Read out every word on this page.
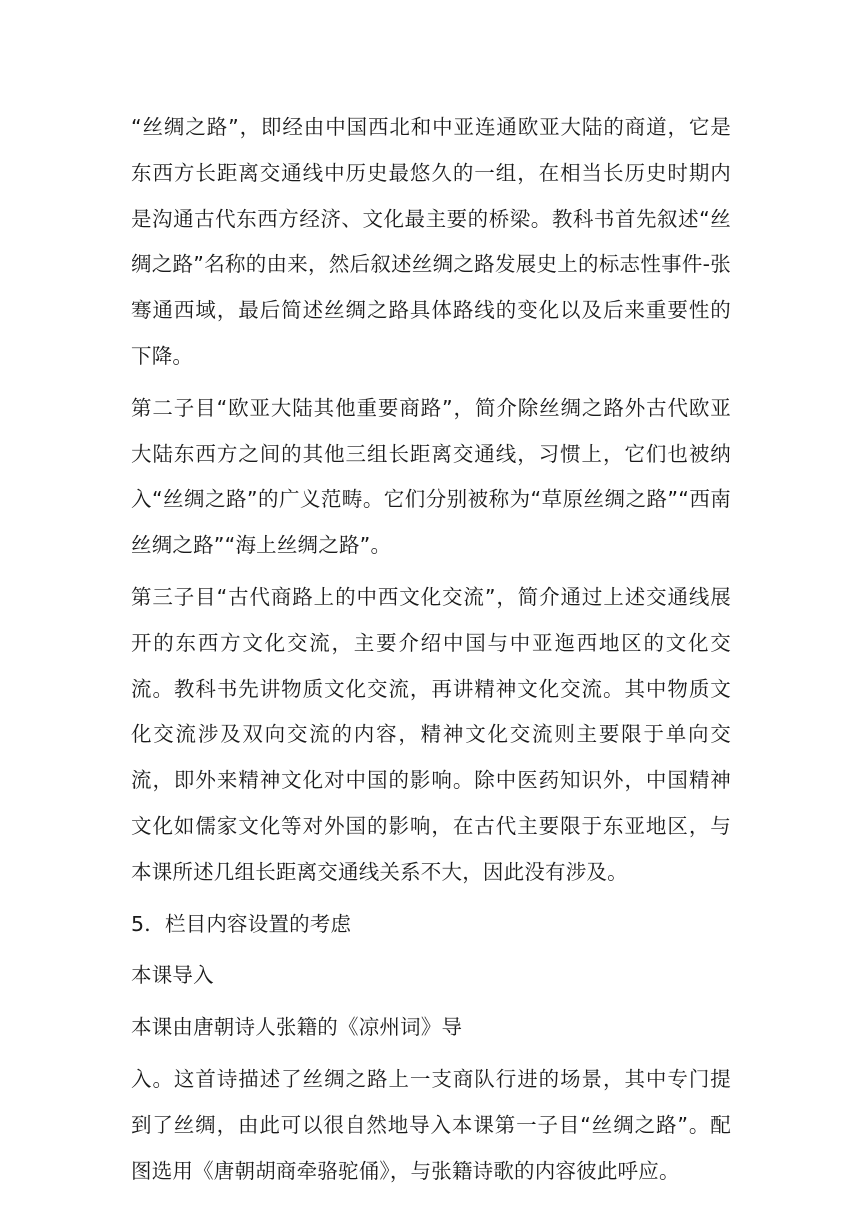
“丝绸之路”，即经由中国西北和中亚连通欧亚大陆的商道，它是东西方长距离交通线中历史最悠久的一组，在相当长历史时期内是沟通古代东西方经济、文化最主要的桥梁。教科书首先叙述“丝绸之路”名称的由来，然后叙述丝绸之路发展史上的标志性事件-张骞通西域，最后简述丝绸之路具体路线的变化以及后来重要性的下降。

第二子目“欧亚大陆其他重要商路”，简介除丝绸之路外古代欧亚大陆东西方之间的其他三组长距离交通线，习惯上，它们也被纳入“丝绸之路”的广义范畴。它们分别被称为“草原丝绸之路”“西南丝绸之路”“海上丝绸之路”。

第三子目“古代商路上的中西文化交流”，简介通过上述交通线展开的东西方文化交流，主要介绍中国与中亚迤西地区的文化交流。教科书先讲物质文化交流，再讲精神文化交流。其中物质文化交流涉及双向交流的内容，精神文化交流则主要限于单向交流，即外来精神文化对中国的影响。除中医药知识外，中国精神文化如儒家文化等对外国的影响，在古代主要限于东亚地区，与本课所述几组长距离交通线关系不大，因此没有涉及。

5．栏目内容设置的考虑

本课导入

本课由唐朝诗人张籍的《凉州词》导

入。这首诗描述了丝绸之路上一支商队行进的场景，其中专门提到了丝绸，由此可以很自然地导入本课第一子目“丝绸之路”。配图选用《唐朝胡商牵骆驼俑》，与张籍诗歌的内容彼此呼应。
